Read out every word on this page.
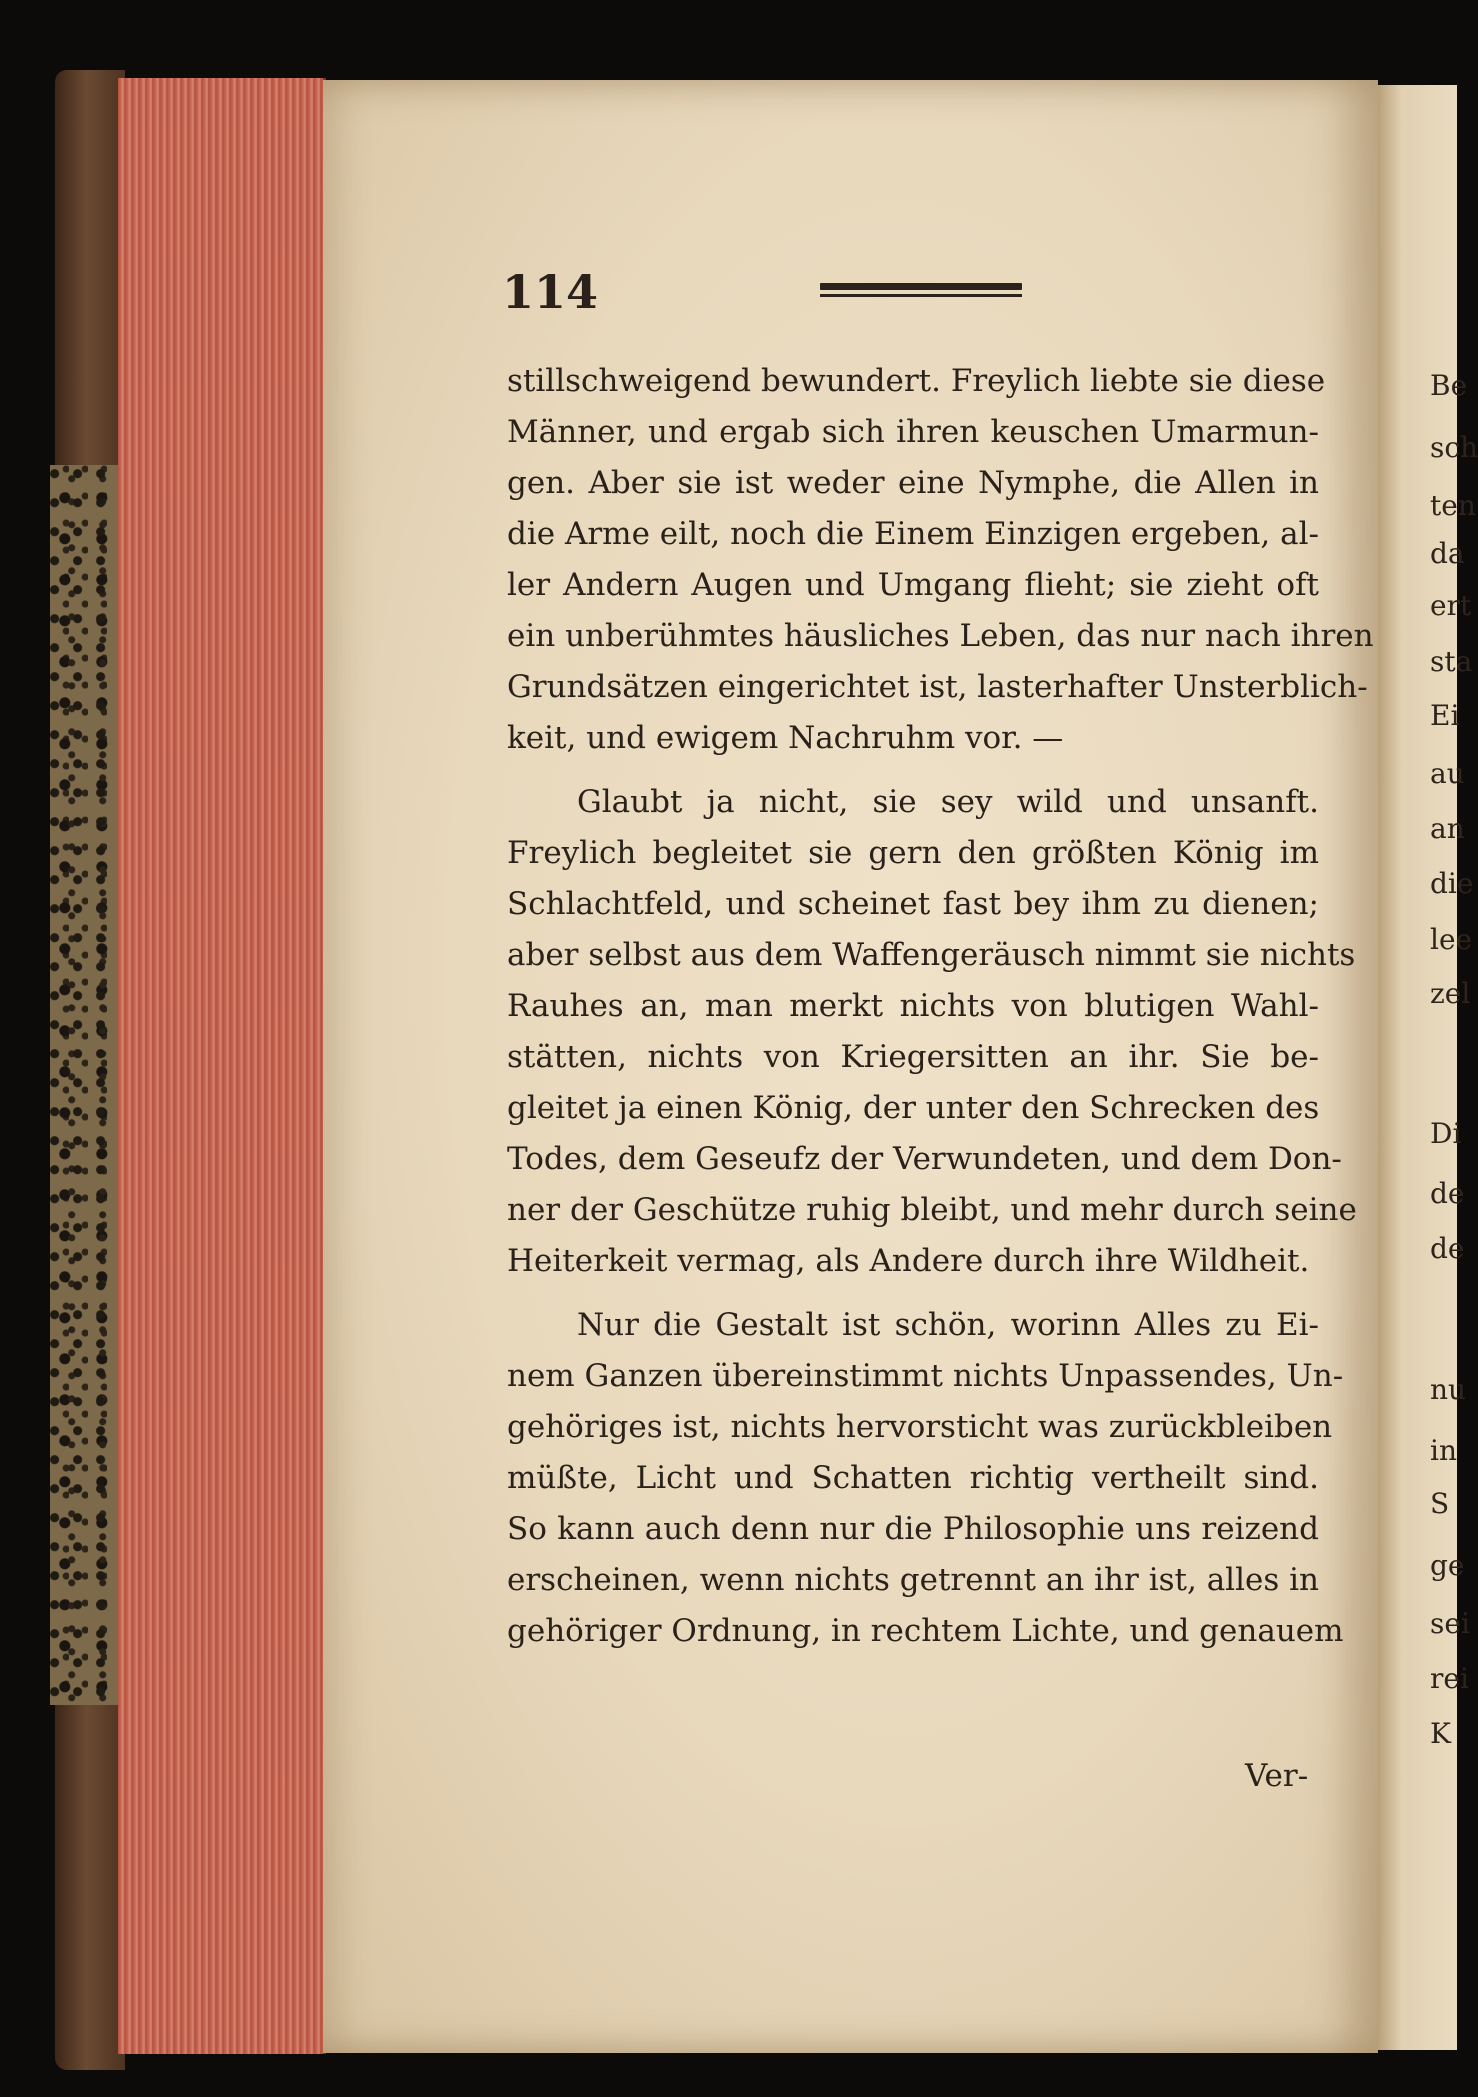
Be
sch
ten
da
ert
sta
Ei
au
an
die
lee
zel
Di
de
de
nu
in
S
ge
sei
rei
K
114
stillschweigend bewundert. Freylich liebte sie diese
Männer, und ergab sich ihren keuschen Umarmun-
gen. Aber sie ist weder eine Nymphe, die Allen in
die Arme eilt, noch die Einem Einzigen ergeben, al-
ler Andern Augen und Umgang flieht; sie zieht oft
ein unberühmtes häusliches Leben, das nur nach ihren
Grundsätzen eingerichtet ist, lasterhafter Unsterblich-
keit, und ewigem Nachruhm vor. —
Glaubt ja nicht, sie sey wild und unsanft.
Freylich begleitet sie gern den größten König im
Schlachtfeld, und scheinet fast bey ihm zu dienen;
aber selbst aus dem Waffengeräusch nimmt sie nichts
Rauhes an, man merkt nichts von blutigen Wahl-
stätten, nichts von Kriegersitten an ihr. Sie be-
gleitet ja einen König, der unter den Schrecken des
Todes, dem Geseufz der Verwundeten, und dem Don-
ner der Geschütze ruhig bleibt, und mehr durch seine
Heiterkeit vermag, als Andere durch ihre Wildheit.
Nur die Gestalt ist schön, worinn Alles zu Ei-
nem Ganzen übereinstimmt nichts Unpassendes, Un-
gehöriges ist, nichts hervorsticht was zurückbleiben
müßte, Licht und Schatten richtig vertheilt sind.
So kann auch denn nur die Philosophie uns reizend
erscheinen, wenn nichts getrennt an ihr ist, alles in
gehöriger Ordnung, in rechtem Lichte, und genauem
Ver-
